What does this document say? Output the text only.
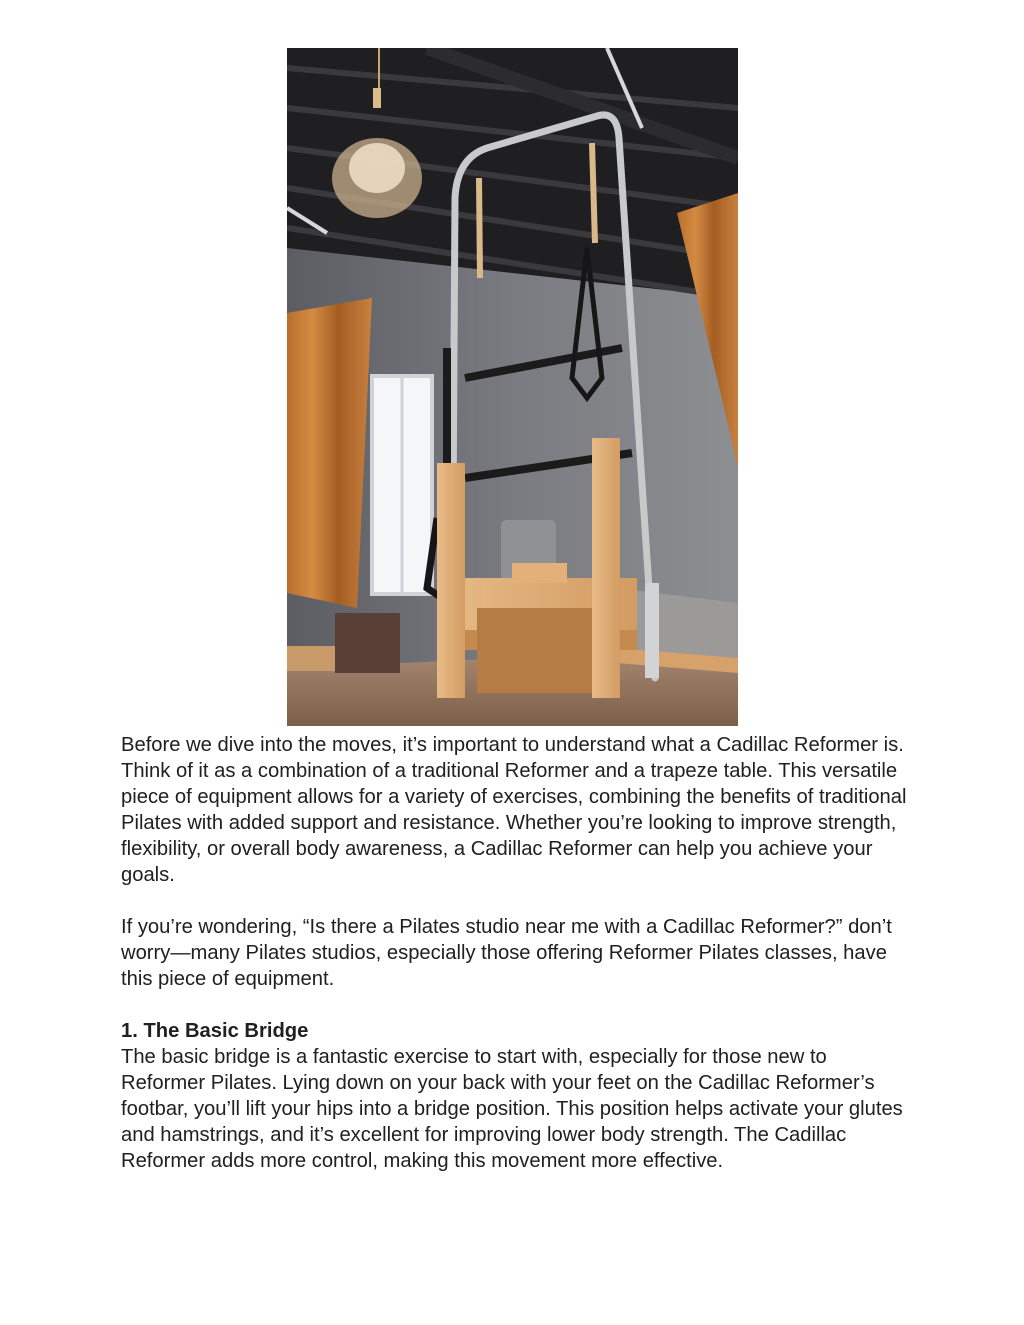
Before we dive into the moves, it’s important to understand what a Cadillac Reformer is. Think of it as a combination of a traditional Reformer and a trapeze table. This versatile piece of equipment allows for a variety of exercises, combining the benefits of traditional Pilates with added support and resistance. Whether you’re looking to improve strength, flexibility, or overall body awareness, a Cadillac Reformer can help you achieve your goals.

If you’re wondering, “Is there a Pilates studio near me with a Cadillac Reformer?” don’t worry—many Pilates studios, especially those offering Reformer Pilates classes, have this piece of equipment.

1. The Basic Bridge

The basic bridge is a fantastic exercise to start with, especially for those new to Reformer Pilates. Lying down on your back with your feet on the Cadillac Reformer’s footbar, you’ll lift your hips into a bridge position. This position helps activate your glutes and hamstrings, and it’s excellent for improving lower body strength. The Cadillac Reformer adds more control, making this movement more effective.
